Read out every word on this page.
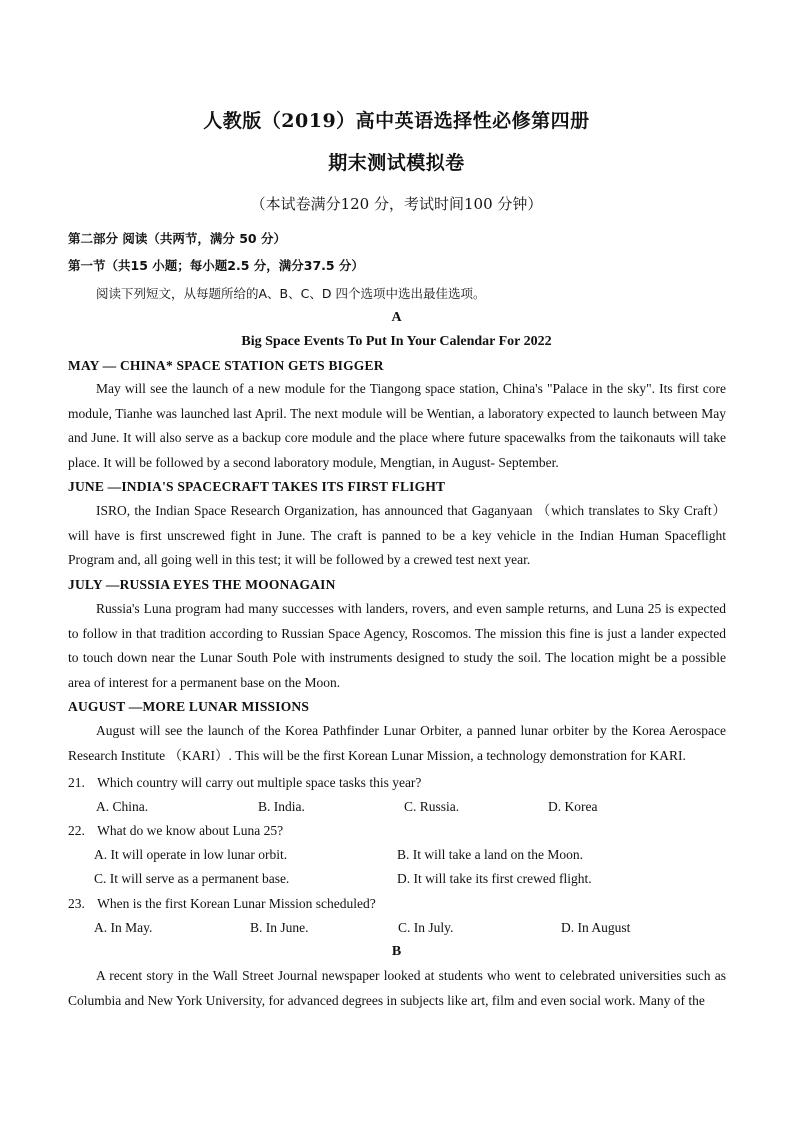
人教版（2019）高中英语选择性必修第四册
期末测试模拟卷
（本试卷满分120 分，考试时间100 分钟）
第二部分 阅读（共两节，满分 50 分）
第一节（共15 小题；每小题2.5 分，满分37.5 分）
阅读下列短文，从每题所给的A、B、C、D 四个选项中选出最佳选项。
A
Big Space Events To Put In Your Calendar For 2022
MAY — CHINA* SPACE STATION GETS BIGGER

May will see the launch of a new module for the Tiangong space station, China's "Palace in the sky". Its first core module, Tianhe was launched last April. The next module will be Wentian, a laboratory expected to launch between May and June. It will also serve as a backup core module and the place where future spacewalks from the taikonauts will take place. It will be followed by a second laboratory module, Mengtian, in August- September.

JUNE —INDIA'S SPACECRAFT TAKES ITS FIRST FLIGHT

ISRO, the Indian Space Research Organization, has announced that Gaganyaan （which translates to Sky Craft） will have is first unscrewed fight in June. The craft is panned to be a key vehicle in the Indian Human Spaceflight Program and, all going well in this test; it will be followed by a crewed test next year.

JULY —RUSSIA EYES THE MOONAGAIN

Russia's Luna program had many successes with landers, rovers, and even sample returns, and Luna 25 is expected to follow in that tradition according to Russian Space Agency, Roscomos. The mission this fine is just a lander expected to touch down near the Lunar South Pole with instruments designed to study the soil. The location might be a possible area of interest for a permanent base on the Moon.

AUGUST —MORE LUNAR MISSIONS

August will see the launch of the Korea Pathfinder Lunar Orbiter, a panned lunar orbiter by the Korea Aerospace Research Institute （KARI）. This will be the first Korean Lunar Mission, a technology demonstration for KARI.

21. Which country will carry out multiple space tasks this year?
A. China.	B. India.	C. Russia.	D. Korea
22. What do we know about Luna 25?
A. It will operate in low lunar orbit.	B. It will take a land on the Moon.
C. It will serve as a permanent base.	D. It will take its first crewed flight.
23. When is the first Korean Lunar Mission scheduled?
A. In May.	B. In June.	C. In July.	D. In August
B

A recent story in the Wall Street Journal newspaper looked at students who went to celebrated universities such as Columbia and New York University, for advanced degrees in subjects like art, film and even social work. Many of the
